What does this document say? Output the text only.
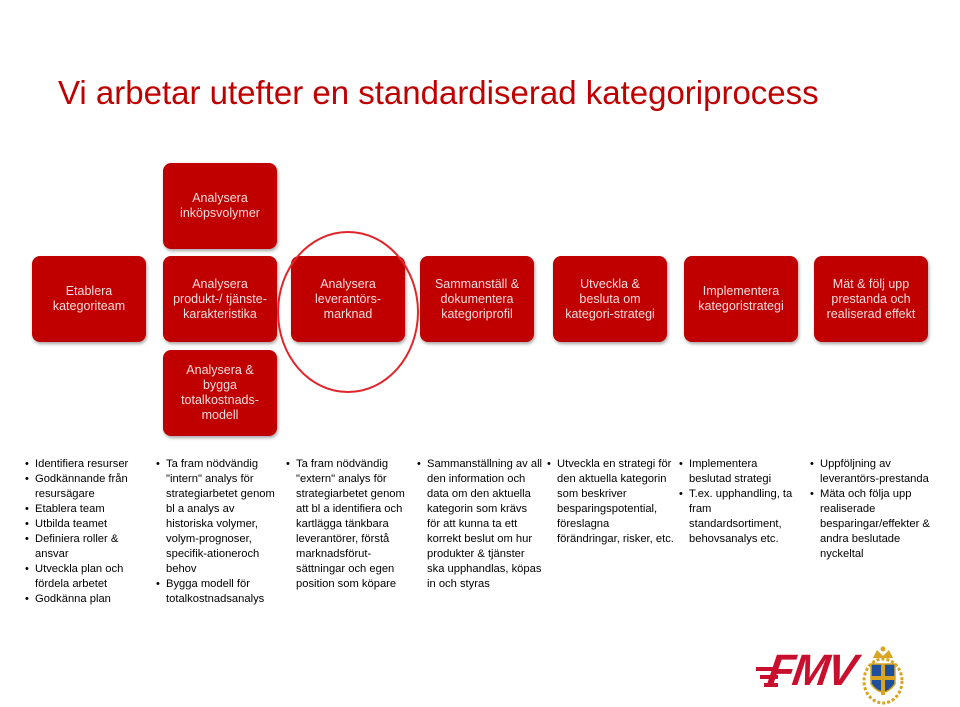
Vi arbetar utefter en standardiserad kategoriprocess
Analysera
inköpsvolymer
Etablera
kategoriteam
Analysera
produkt-/ tjänste-
karakteristika
Analysera
leverantörs-
marknad
Sammanställ &
dokumentera
kategoriprofil
Utveckla &
besluta om
kategori-strategi
Implementera
kategoristrategi
Mät & följ upp
prestanda och
realiserad effekt
Analysera &
bygga
totalkostnads-
modell
• Identifiera resurser
• Godkännande från resursägare
• Etablera team
• Utbilda teamet
• Definiera roller & ansvar
• Utveckla plan och fördela arbetet
• Godkänna plan
• Ta fram nödvändig "intern" analys för strategiarbetet genom bl a analys av historiska volymer, volym-prognoser, specifik-ationeroch behov
• Bygga modell för totalkostnadsanalys
• Ta fram nödvändig "extern" analys för strategiarbetet genom att bl a identifiera och kartlägga tänkbara leverantörer, förstå marknadsförut-sättningar och egen position som köpare
• Sammanställning av all den information och data om den aktuella kategorin som krävs för att kunna ta ett korrekt beslut om hur produkter & tjänster ska upphandlas, köpas in och styras
• Utveckla en strategi för den aktuella kategorin som beskriver besparingspotential, föreslagna förändringar, risker, etc.
• Implementera beslutad strategi
• T.ex. upphandling, ta fram standardsortiment, behovsanalys etc.
• Uppföljning av leverantörs-prestanda
• Mäta och följa upp realiserade besparingar/effekter & andra beslutade nyckeltal
FMV
